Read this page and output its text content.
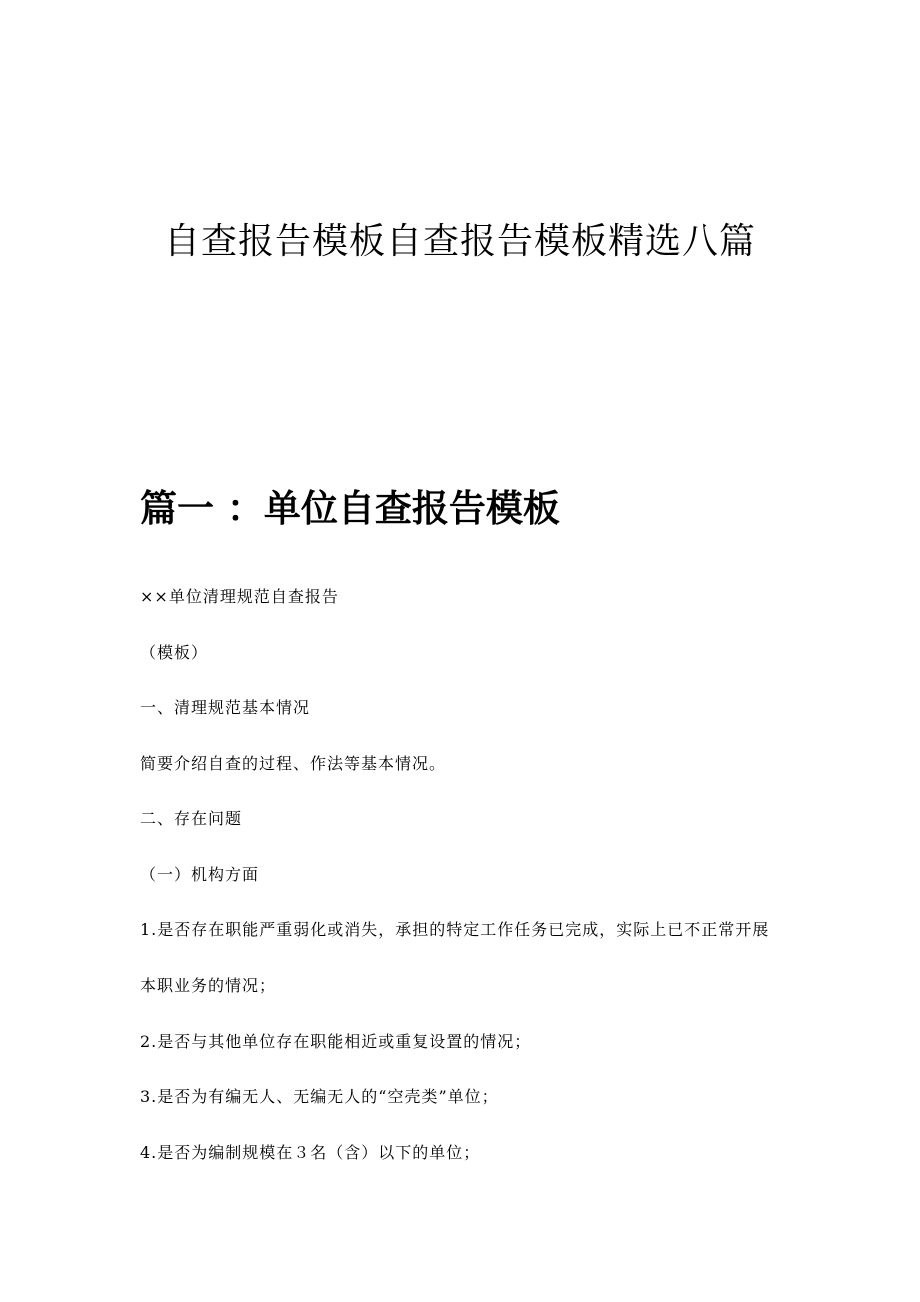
自查报告模板自查报告模板精选八篇
篇一 ：单位自查报告模板

××单位清理规范自查报告

（模板）

一、清理规范基本情况

简要介绍自查的过程、作法等基本情况。

二、存在问题

（一）机构方面

1.是否存在职能严重弱化或消失，承担的特定工作任务已完成，实际上已不正常开展本职业务的情况；

2.是否与其他单位存在职能相近或重复设置的情况；

3.是否为有编无人、无编无人的“空壳类”单位；

4.是否为编制规模在３名（含）以下的单位；
